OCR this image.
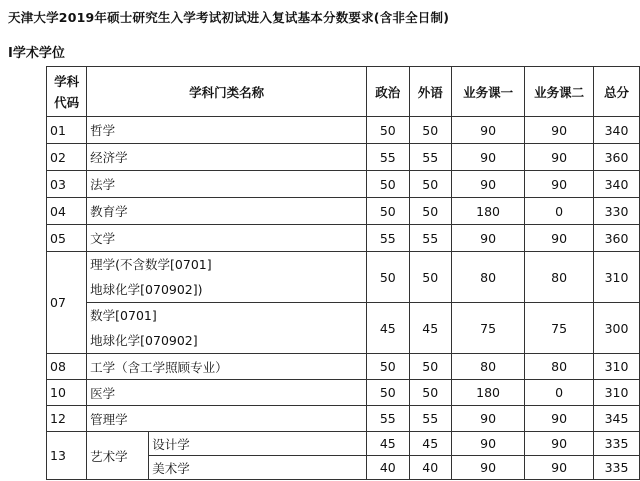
天津大学2019年硕士研究生入学考试初试进入复试基本分数要求(含非全日制)
I学术学位
学科代码	学科门类名称		政治	外语	业务课一	业务课二	总分
01	哲学		50	50	90	90	340
02	经济学		55	55	90	90	360
03	法学		50	50	90	90	340
04	教育学		50	50	180	0	330
05	文学		55	55	90	90	360
07	理学(不含数学[0701]
地球化学[070902])		50	50	80	80	310

	数学[0701]
地球化学[070902]		45	45	75	75	300
08	工学（含工学照顾专业）		50	50	80	80	310
10	医学		50	50	180	0	310
12	管理学		55	55	90	90	345
13	艺术学	设计学	45	45	90	90	335
		美术学	40	40	90	90	335
